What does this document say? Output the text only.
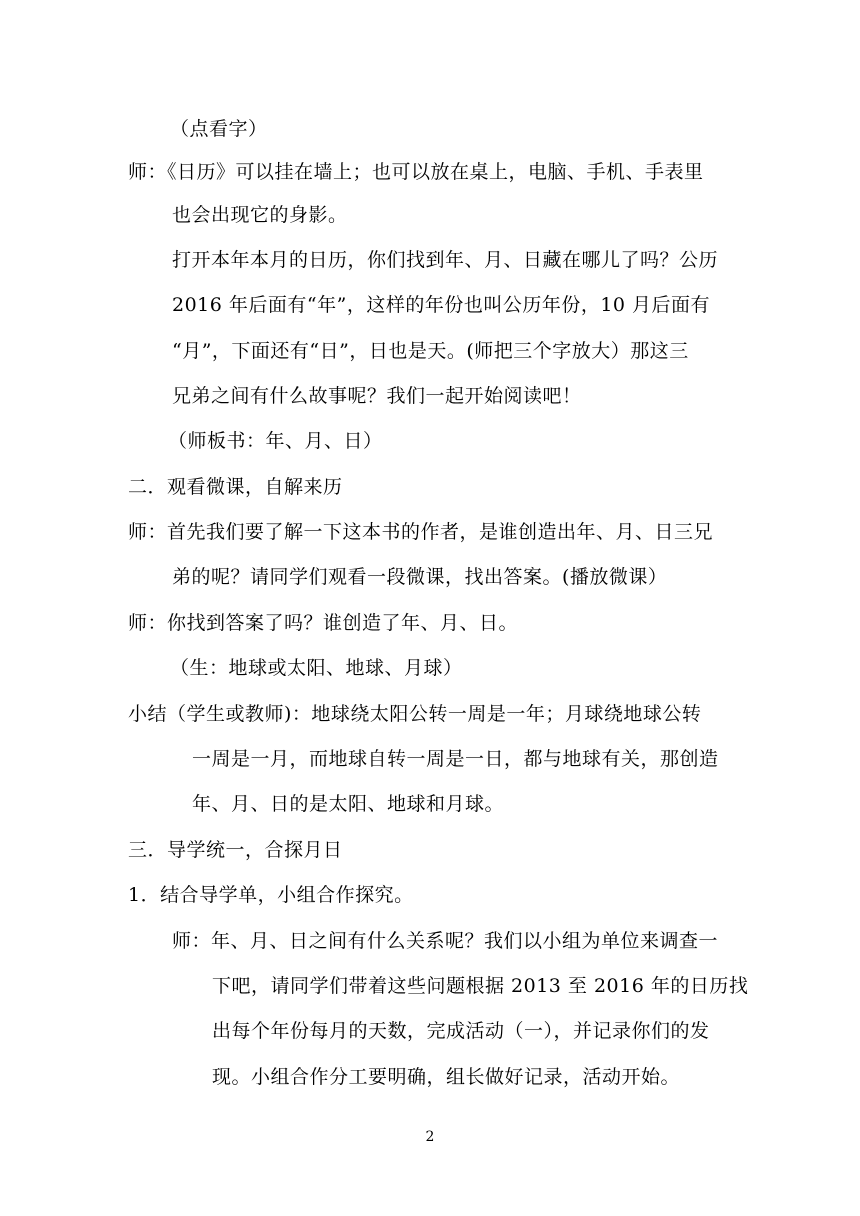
（点看字）
师：《日历》可以挂在墙上；也可以放在桌上，电脑、手机、手表里
也会出现它的身影。
打开本年本月的日历，你们找到年、月、日藏在哪儿了吗？公历
2016 年后面有“年”，这样的年份也叫公历年份，10 月后面有
“月”，下面还有“日”，日也是天。(师把三个字放大）那这三
兄弟之间有什么故事呢？我们一起开始阅读吧！
（师板书：年、月、日）
二．观看微课，自解来历
师：首先我们要了解一下这本书的作者，是谁创造出年、月、日三兄
弟的呢？请同学们观看一段微课，找出答案。(播放微课）
师：你找到答案了吗？谁创造了年、月、日。
（生：地球或太阳、地球、月球）
小结（学生或教师)：地球绕太阳公转一周是一年；月球绕地球公转
一周是一月，而地球自转一周是一日，都与地球有关，那创造
年、月、日的是太阳、地球和月球。
三．导学统一，合探月日
1．结合导学单，小组合作探究。
师：年、月、日之间有什么关系呢？我们以小组为单位来调查一
下吧，请同学们带着这些问题根据 2013 至 2016 年的日历找
出每个年份每月的天数，完成活动（一），并记录你们的发
现。小组合作分工要明确，组长做好记录，活动开始。
2
